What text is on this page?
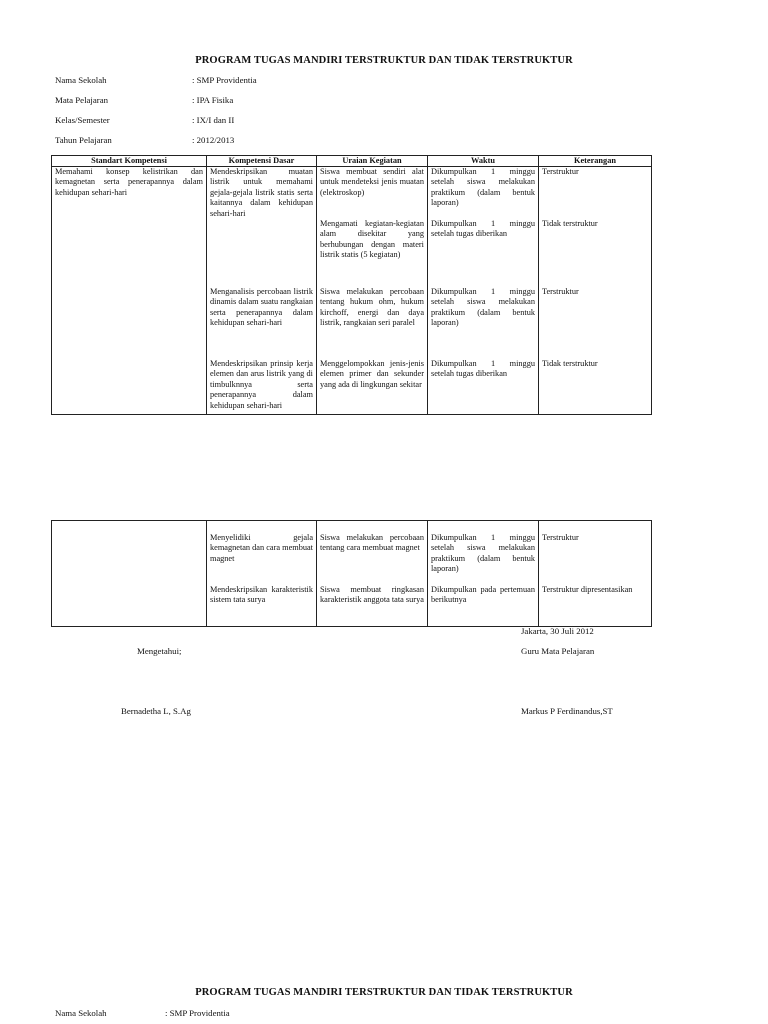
PROGRAM TUGAS MANDIRI TERSTRUKTUR DAN TIDAK TERSTRUKTUR
Nama Sekolah	: SMP Providentia
Mata Pelajaran	: IPA Fisika
Kelas/Semester	: IX/I dan II
Tahun Pelajaran	: 2012/2013
Standart Kompetensi	Kompetensi Dasar	Uraian Kegiatan	Waktu	Keterangan
Memahami konsep kelistrikan dan kemagnetan serta penerapannya dalam kehidupan sehari-hari	Mendeskripsikan muatan listrik untuk memahami gejala-gejala listrik statis serta kaitannya dalam kehidupan sehari-hari	Siswa membuat sendiri alat untuk mendeteksi jenis muatan (elektroskop)	Dikumpulkan 1 minggu setelah siswa melakukan praktikum (dalam bentuk laporan)	Terstruktur
		Mengamati kegiatan-kegiatan alam disekitar yang berhubungan dengan materi listrik statis (5 kegiatan)	Dikumpulkan 1 minggu setelah tugas diberikan	Tidak terstruktur
	Menganalisis percobaan listrik dinamis dalam suatu rangkaian serta penerapannya dalam kehidupan sehari-hari	Siswa melakukan percobaan tentang hukum ohm, hukum kirchoff, energi dan daya listrik, rangkaian seri paralel	Dikumpulkan 1 minggu setelah siswa melakukan praktikum (dalam bentuk laporan)	Terstruktur
	Mendeskripsikan prinsip kerja elemen dan arus listrik yang di timbulknnya serta penerapannya dalam kehidupan sehari-hari	Menggelompokkan jenis-jenis elemen primer dan sekunder yang ada di lingkungan sekitar	Dikumpulkan 1 minggu setelah tugas diberikan	Tidak terstruktur
	Menyelidiki gejala kemagnetan dan cara membuat magnet	Siswa melakukan percobaan tentang cara membuat magnet	Dikumpulkan 1 minggu setelah siswa melakukan praktikum (dalam bentuk laporan)	Terstruktur
	Mendeskripsikan karakteristik sistem tata surya	Siswa membuat ringkasan karakteristik anggota tata surya	Dikumpulkan pada pertemuan berikutnya	Terstruktur dipresentasikan
Jakarta, 30 Juli 2012
Mengetahui;	Guru Mata Pelajaran
Bernadetha L, S.Ag	Markus P Ferdinandus,ST
PROGRAM TUGAS MANDIRI TERSTRUKTUR DAN TIDAK TERSTRUKTUR
Nama Sekolah	: SMP Providentia
